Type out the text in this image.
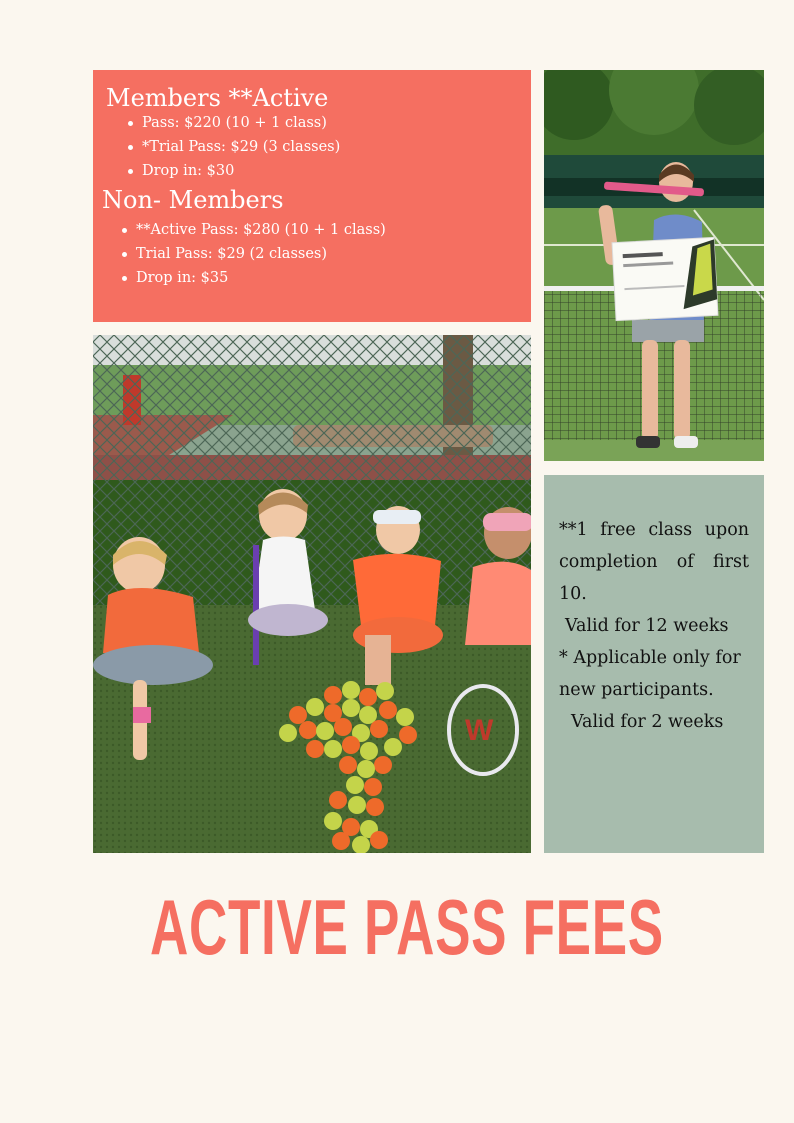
Members **Active
Pass: $220 (10 + 1 class)
*Trial Pass: $29 (3 classes)
Drop in: $30
Non- Members
**Active Pass: $280 (10 + 1 class)
Trial Pass: $29 (2 classes)
Drop in: $35
W
**1 free class upon completion of first 10.
Valid for 12 weeks
* Applicable only for new participants.
Valid for 2 weeks
ACTIVE PASS FEES
